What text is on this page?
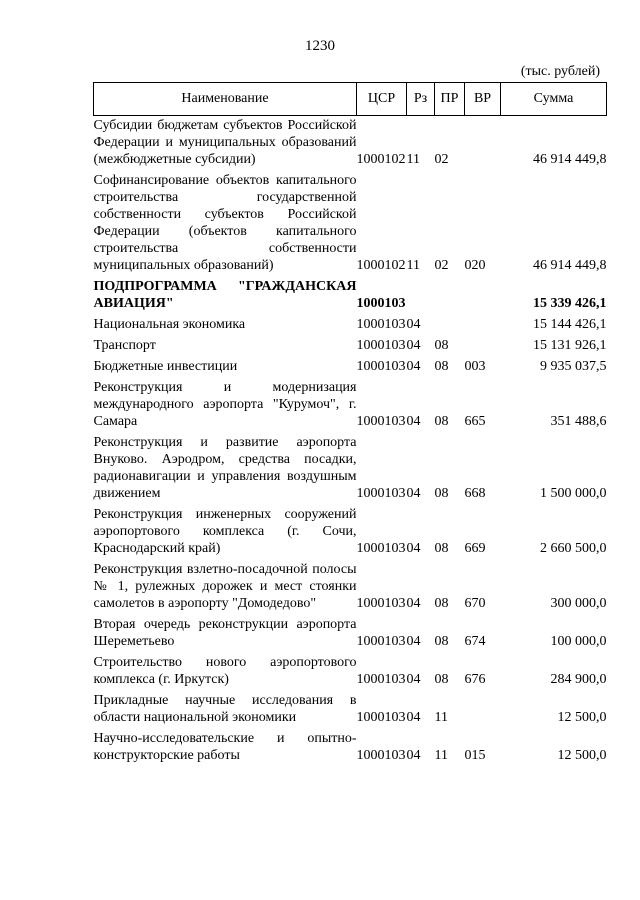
1230
(тыс. рублей)
Наименование	ЦСР	Рз	ПР	ВР	Сумма
Субсидии бюджетам субъектов Российской Федерации и муниципальных образований (межбюджетные субсидии)	1000102	11	02		46 914 449,8
Софинансирование объектов капитального строительства государственной собственности субъектов Российской Федерации (объектов капитального строительства собственности муниципальных образований)	1000102	11	02	020	46 914 449,8
ПОДПРОГРАММА "ГРАЖДАНСКАЯ АВИАЦИЯ"	1000103				15 339 426,1
Национальная экономика	1000103	04			15 144 426,1
Транспорт	1000103	04	08		15 131 926,1
Бюджетные инвестиции	1000103	04	08	003	9 935 037,5
Реконструкция и модернизация международного аэропорта "Курумоч", г. Самара	1000103	04	08	665	351 488,6
Реконструкция и развитие аэропорта Внуково. Аэродром, средства посадки, радионавигации и управления воздушным движением	1000103	04	08	668	1 500 000,0
Реконструкция инженерных сооружений аэропортового комплекса (г. Сочи, Краснодарский край)	1000103	04	08	669	2 660 500,0
Реконструкция взлетно-посадочной полосы № 1, рулежных дорожек и мест стоянки самолетов в аэропорту "Домодедово"	1000103	04	08	670	300 000,0
Вторая очередь реконструкции аэропорта Шереметьево	1000103	04	08	674	100 000,0
Строительство нового аэропортового комплекса (г. Иркутск)	1000103	04	08	676	284 900,0
Прикладные научные исследования в области национальной экономики	1000103	04	11		12 500,0
Научно-исследовательские и опытно-конструкторские работы	1000103	04	11	015	12 500,0
